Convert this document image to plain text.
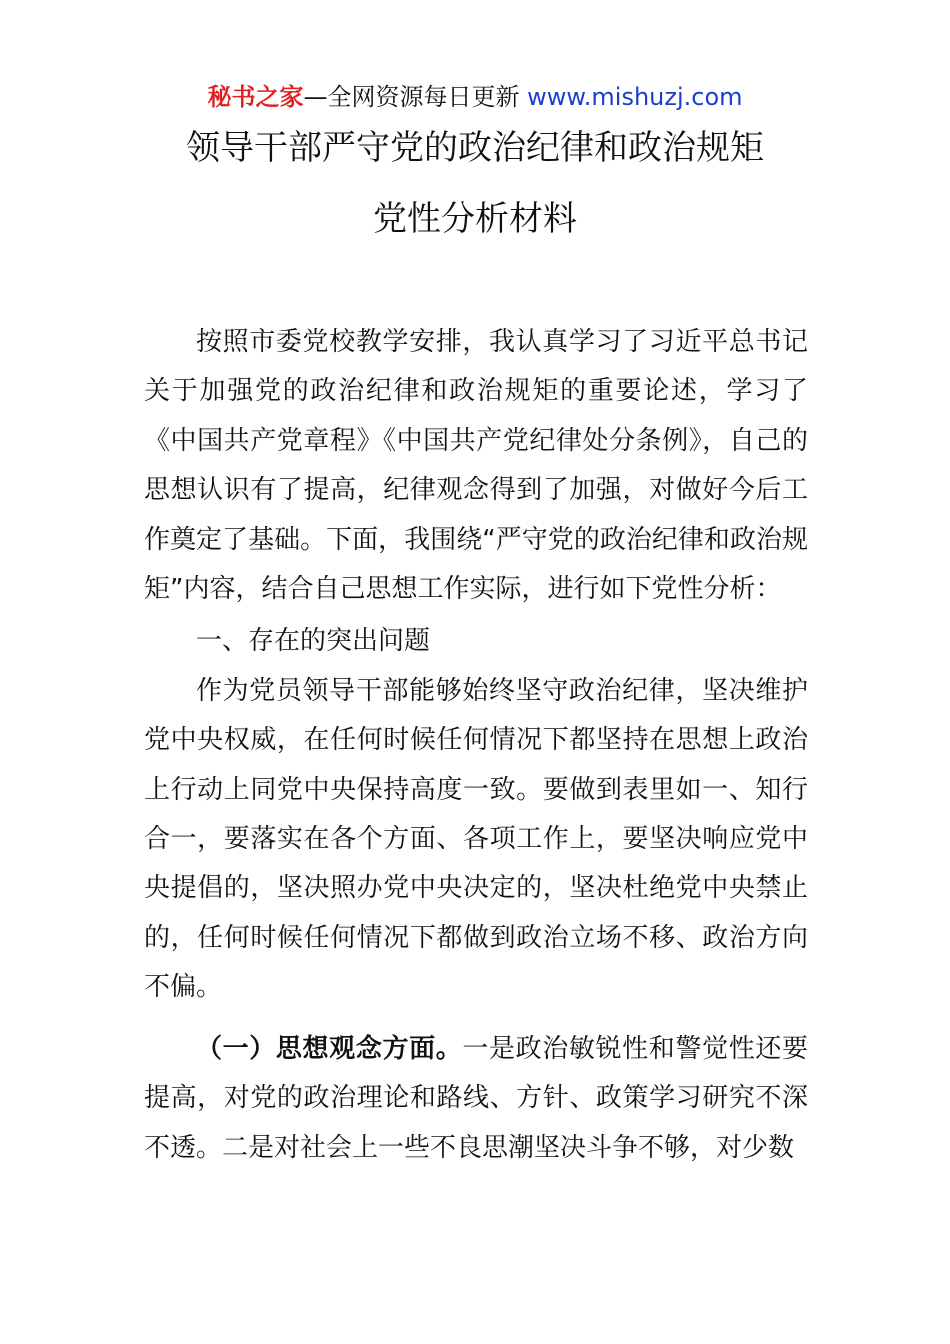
秘书之家—全网资源每日更新 www.mishuzj.com
领导干部严守党的政治纪律和政治规矩
党性分析材料

按照市委党校教学安排，我认真学习了习近平总书记关于加强党的政治纪律和政治规矩的重要论述，学习了《中国共产党章程》《中国共产党纪律处分条例》，自己的思想认识有了提高，纪律观念得到了加强，对做好今后工作奠定了基础。下面，我围绕“严守党的政治纪律和政治规矩”内容，结合自己思想工作实际，进行如下党性分析：

一、存在的突出问题

作为党员领导干部能够始终坚守政治纪律，坚决维护党中央权威，在任何时候任何情况下都坚持在思想上政治上行动上同党中央保持高度一致。要做到表里如一、知行合一，要落实在各个方面、各项工作上，要坚决响应党中央提倡的，坚决照办党中央决定的，坚决杜绝党中央禁止的，任何时候任何情况下都做到政治立场不移、政治方向不偏。

（一）思想观念方面。一是政治敏锐性和警觉性还要提高，对党的政治理论和路线、方针、政策学习研究不深不透。二是对社会上一些不良思潮坚决斗争不够，对少数
